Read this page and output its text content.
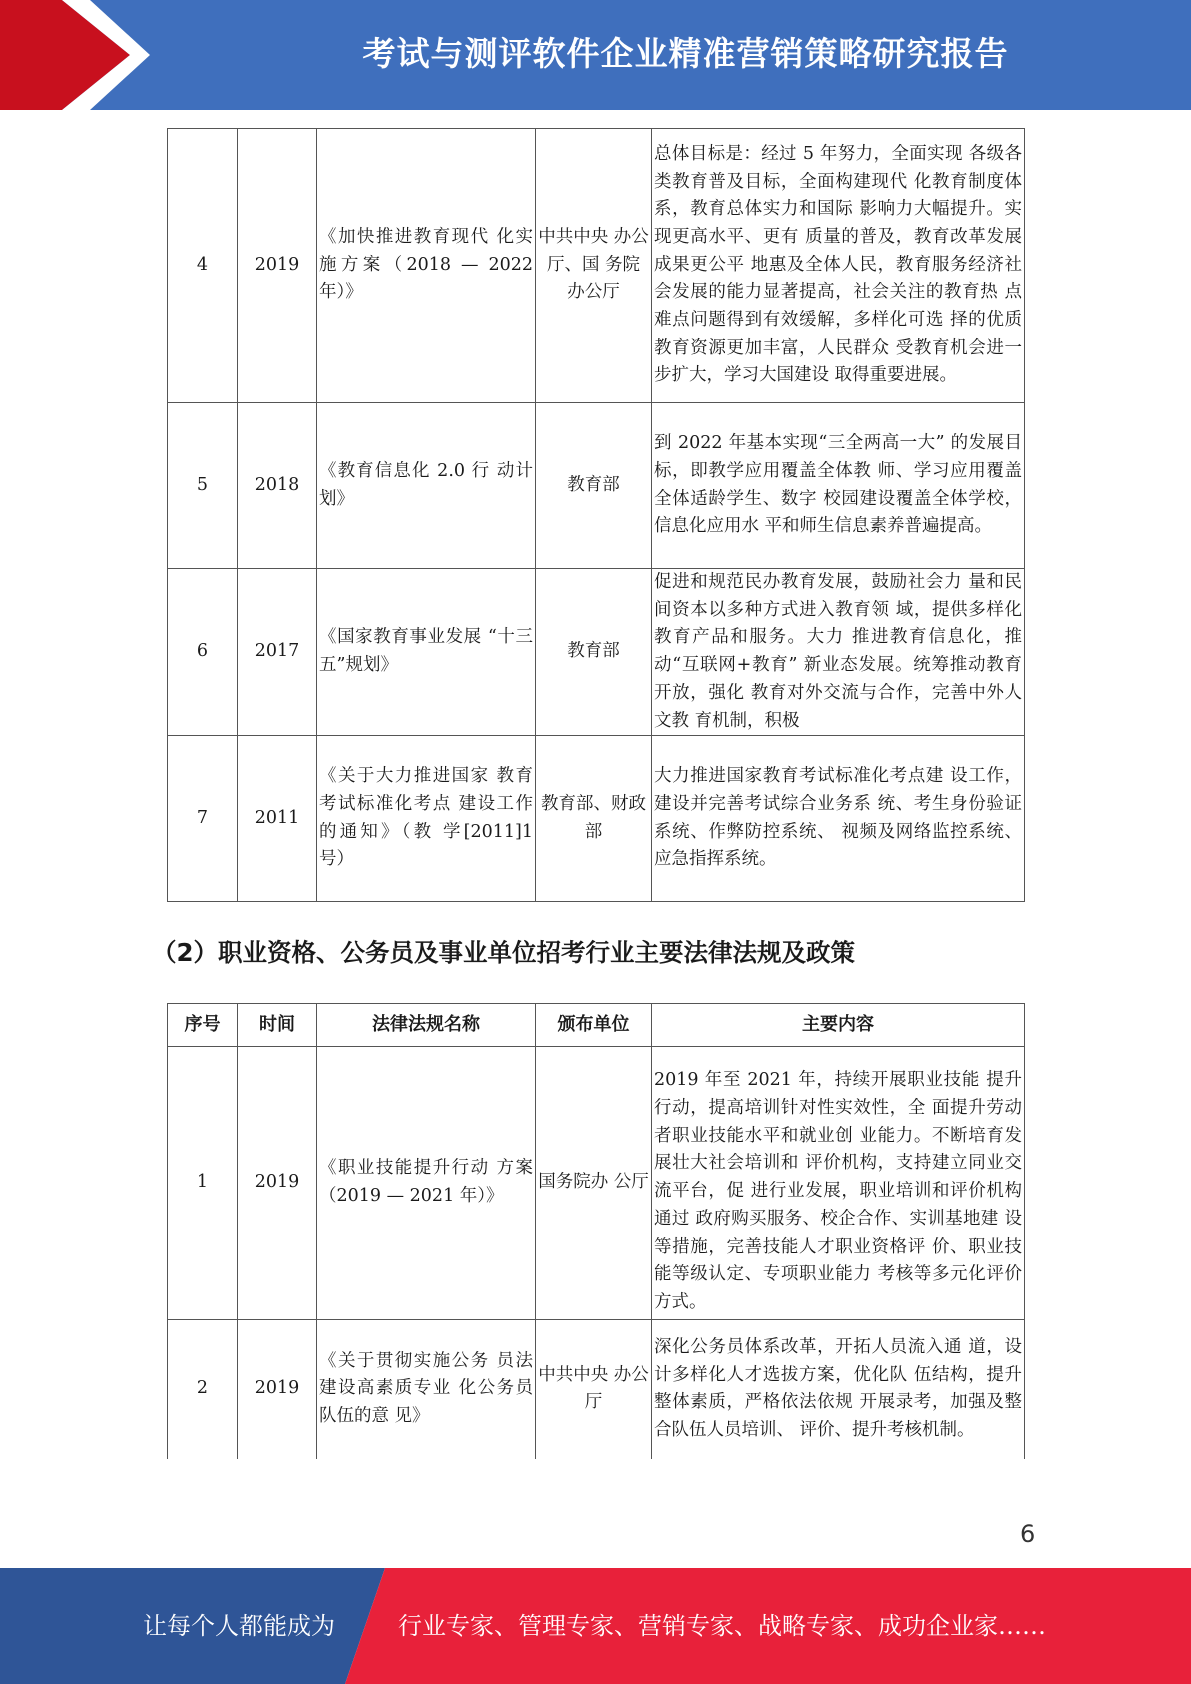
考试与测评软件企业精准营销策略研究报告
4	2019	《加快推进教育现代 化实施方案（2018 — 2022 年）》	中共中央 办公厅、国 务院 办公厅	总体目标是：经过 5 年努力，全面实现 各级各类教育普及目标，全面构建现代 化教育制度体系，教育总体实力和国际 影响力大幅提升。实现更高水平、更有 质量的普及，教育改革发展成果更公平 地惠及全体人民，教育服务经济社会发展的能力显著提高，社会关注的教育热 点难点问题得到有效缓解，多样化可选 择的优质教育资源更加丰富，人民群众 受教育机会进一步扩大，学习大国建设 取得重要进展。
5	2018	《教育信息化 2.0 行 动计划》	教育部	到 2022 年基本实现“三全两高一大” 的发展目标，即教学应用覆盖全体教 师、学习应用覆盖全体适龄学生、数字 校园建设覆盖全体学校，信息化应用水 平和师生信息素养普遍提高。
6	2017	《国家教育事业发展 “十三五”规划》	教育部	促进和规范民办教育发展，鼓励社会力 量和民间资本以多种方式进入教育领 域，提供多样化教育产品和服务。大力 推进教育信息化，推动“互联网+教育” 新业态发展。统筹推动教育开放，强化 教育对外交流与合作，完善中外人文教 育机制，积极
7	2011	《关于大力推进国家 教育考试标准化考点 建设工作的通知》（教 学[2011]1 号）	教育部、财政部	大力推进国家教育考试标准化考点建 设工作，建设并完善考试综合业务系 统、考生身份验证系统、作弊防控系统、 视频及网络监控系统、应急指挥系统。
（2）职业资格、公务员及事业单位招考行业主要法律法规及政策
序号	时间	法律法规名称	颁布单位	主要内容
1	2019	《职业技能提升行动 方案（2019 — 2021 年）》	国务院办 公厅	2019 年至 2021 年，持续开展职业技能 提升行动，提高培训针对性实效性，全 面提升劳动者职业技能水平和就业创 业能力。不断培育发展壮大社会培训和 评价机构，支持建立同业交流平台，促 进行业发展，职业培训和评价机构通过 政府购买服务、校企合作、实训基地建 设等措施，完善技能人才职业资格评 价、职业技能等级认定、专项职业能力 考核等多元化评价方式。
2	2019	《关于贯彻实施公务 员法建设高素质专业 化公务员队伍的意 见》	中共中央 办公厅	深化公务员体系改革，开拓人员流入通 道，设计多样化人才选拔方案，优化队 伍结构，提升整体素质，严格依法依规 开展录考，加强及整合队伍人员培训、 评价、提升考核机制。
6
让每个人都能成为	行业专家、管理专家、营销专家、战略专家、成功企业家……
